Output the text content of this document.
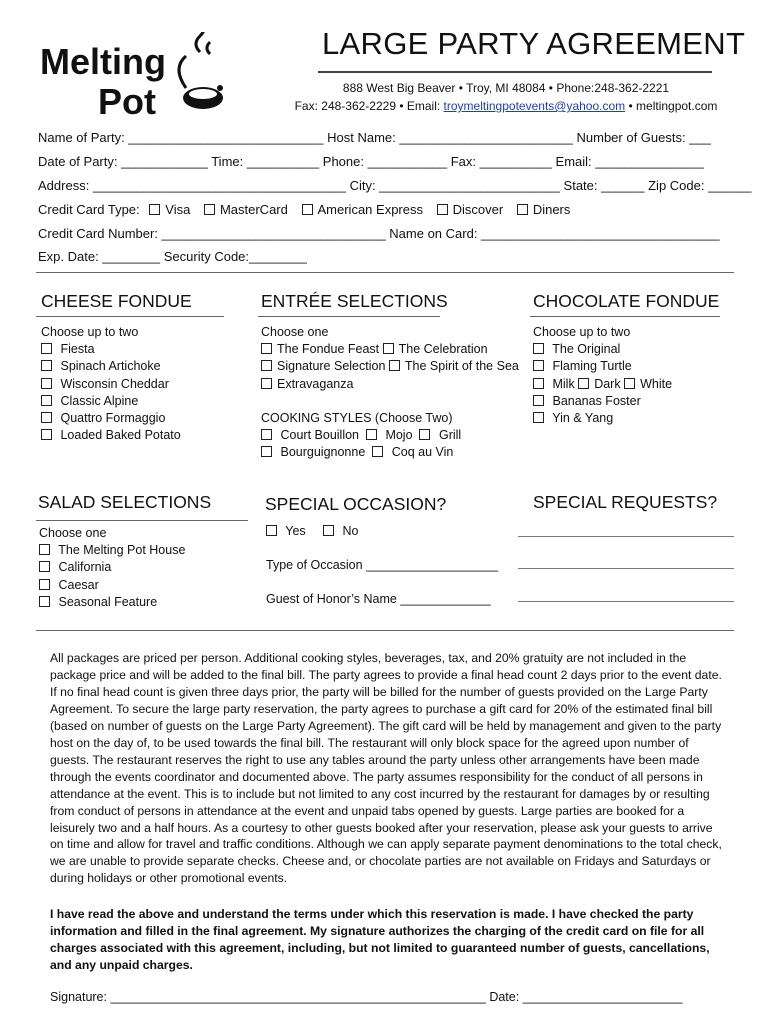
Melting
Pot
LARGE PARTY AGREEMENT
888 West Big Beaver • Troy, MI 48084 • Phone:248-362-2221
Fax: 248-362-2229 • Email: troymeltingpotevents@yahoo.com • meltingpot.com
Name of Party: ___________________________ Host Name: ________________________ Number of Guests: ___
Date of Party: ____________ Time: __________ Phone: ___________ Fax: __________ Email: _______________
Address: ___________________________________ City: _________________________ State: ______ Zip Code: ______
Credit Card Type: Visa MasterCard American Express Discover Diners
Credit Card Number: _______________________________ Name on Card: _________________________________
Exp. Date: ________ Security Code:________
CHEESE FONDUE
Choose up to two
Fiesta
Spinach Artichoke
Wisconsin Cheddar
Classic Alpine
Quattro Formaggio
Loaded Baked Potato
ENTRÉE SELECTIONS
Choose one
The Fondue Feast The Celebration
Signature Selection The Spirit of the Sea
Extravaganza
COOKING STYLES (Choose Two)
Court Bouillon Mojo Grill
Bourguignonne Coq au Vin
CHOCOLATE FONDUE
Choose up to two
The Original
Flaming Turtle
Milk Dark White
Bananas Foster
Yin & Yang
SALAD SELECTIONS
Choose one
The Melting Pot House
California
Caesar
Seasonal Feature
SPECIAL OCCASION?
Yes	No
Type of Occasion ___________________
Guest of Honor’s Name _____________
SPECIAL REQUESTS?
All packages are priced per person. Additional cooking styles, beverages, tax, and 20% gratuity are not included in the package price and will be added to the final bill. The party agrees to provide a final head count 2 days prior to the event date. If no final head count is given three days prior, the party will be billed for the number of guests provided on the Large Party Agreement. To secure the large party reservation, the party agrees to purchase a gift card for 20% of the estimated final bill (based on number of guests on the Large Party Agreement). The gift card will be held by management and given to the party host on the day of, to be used towards the final bill. The restaurant will only block space for the agreed upon number of guests. The restaurant reserves the right to use any tables around the party unless other arrangements have been made through the events coordinator and documented above. The party assumes responsibility for the conduct of all persons in attendance at the event. This is to include but not limited to any cost incurred by the restaurant for damages by or resulting from conduct of persons in attendance at the event and unpaid tabs opened by guests. Large parties are booked for a leisurely two and a half hours. As a courtesy to other guests booked after your reservation, please ask your guests to arrive on time and allow for travel and traffic conditions. Although we can apply separate payment denominations to the total check, we are unable to provide separate checks. Cheese and, or chocolate parties are not available on Fridays and Saturdays or during holidays or other promotional events.
I have read the above and understand the terms under which this reservation is made. I have checked the party information and filled in the final agreement. My signature authorizes the charging of the credit card on file for all charges associated with this agreement, including, but not limited to guaranteed number of guests, cancellations, and any unpaid charges.
Signature: ______________________________________________________ Date: _______________________
